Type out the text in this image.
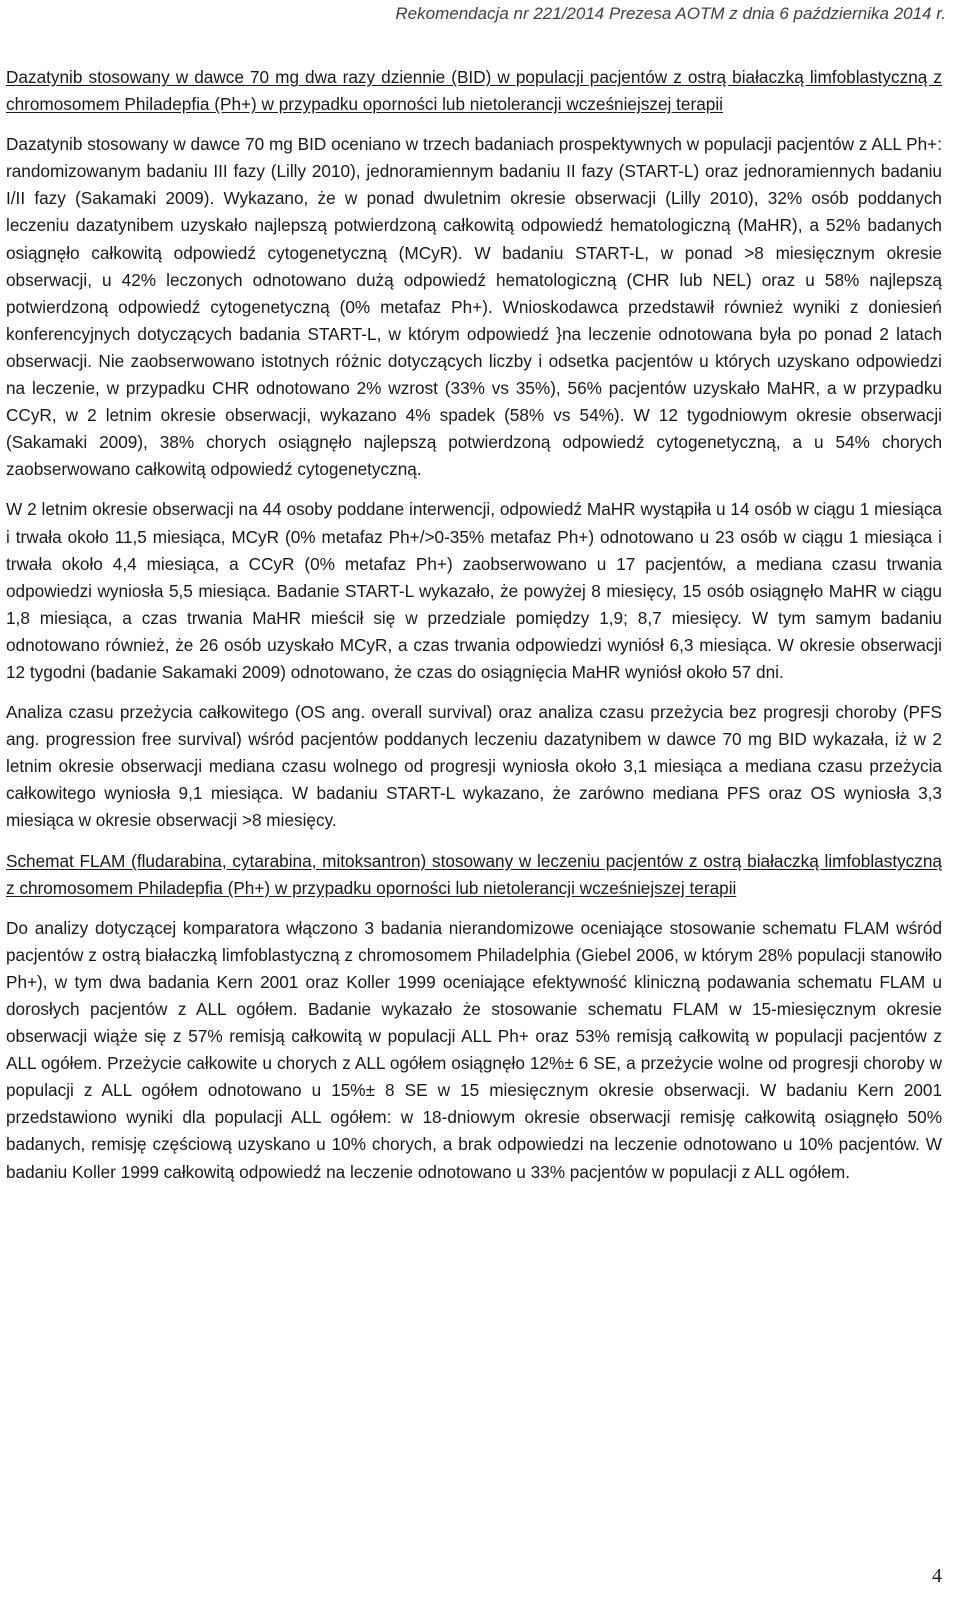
Rekomendacja nr 221/2014 Prezesa AOTM z dnia 6 października 2014 r.

Dazatynib stosowany w dawce 70 mg dwa razy dziennie (BID) w populacji pacjentów z ostrą białaczką limfoblastyczną z chromosomem Philadepfia (Ph+) w przypadku oporności lub nietolerancji wcześniejszej terapii

Dazatynib stosowany w dawce 70 mg BID oceniano w trzech badaniach prospektywnych w populacji pacjentów z ALL Ph+: randomizowanym badaniu III fazy (Lilly 2010), jednoramiennym badaniu II fazy (START-L) oraz jednoramiennych badaniu I/II fazy (Sakamaki 2009). Wykazano, że w ponad dwuletnim okresie obserwacji (Lilly 2010), 32% osób poddanych leczeniu dazatynibem uzyskało najlepszą potwierdzoną całkowitą odpowiedź hematologiczną (MaHR), a 52% badanych osiągnęło całkowitą odpowiedź cytogenetyczną (MCyR). W badaniu START-L, w ponad >8 miesięcznym okresie obserwacji, u 42% leczonych odnotowano dużą odpowiedź hematologiczną (CHR lub NEL) oraz u 58% najlepszą potwierdzoną odpowiedź cytogenetyczną (0% metafaz Ph+). Wnioskodawca przedstawił również wyniki z doniesień konferencyjnych dotyczących badania START-L, w którym odpowiedź }na leczenie odnotowana była po ponad 2 latach obserwacji. Nie zaobserwowano istotnych różnic dotyczących liczby i odsetka pacjentów u których uzyskano odpowiedzi na leczenie, w przypadku CHR odnotowano 2% wzrost (33% vs 35%), 56% pacjentów uzyskało MaHR, a w przypadku CCyR, w 2 letnim okresie obserwacji, wykazano 4% spadek (58% vs 54%). W 12 tygodniowym okresie obserwacji (Sakamaki 2009), 38% chorych osiągnęło najlepszą potwierdzoną odpowiedź cytogenetyczną, a u 54% chorych zaobserwowano całkowitą odpowiedź cytogenetyczną.

W 2 letnim okresie obserwacji na 44 osoby poddane interwencji, odpowiedź MaHR wystąpiła u 14 osób w ciągu 1 miesiąca i trwała około 11,5 miesiąca, MCyR (0% metafaz Ph+/>0-35% metafaz Ph+) odnotowano u 23 osób w ciągu 1 miesiąca i trwała około 4,4 miesiąca, a CCyR (0% metafaz Ph+) zaobserwowano u 17 pacjentów, a mediana czasu trwania odpowiedzi wyniosła 5,5 miesiąca. Badanie START-L wykazało, że powyżej 8 miesięcy, 15 osób osiągnęło MaHR w ciągu 1,8 miesiąca, a czas trwania MaHR mieścił się w przedziale pomiędzy 1,9; 8,7 miesięcy. W tym samym badaniu odnotowano również, że 26 osób uzyskało MCyR, a czas trwania odpowiedzi wyniósł 6,3 miesiąca. W okresie obserwacji 12 tygodni (badanie Sakamaki 2009) odnotowano, że czas do osiągnięcia MaHR wyniósł około 57 dni.

Analiza czasu przeżycia całkowitego (OS ang. overall survival) oraz analiza czasu przeżycia bez progresji choroby (PFS ang. progression free survival) wśród pacjentów poddanych leczeniu dazatynibem w dawce 70 mg BID wykazała, iż w 2 letnim okresie obserwacji mediana czasu wolnego od progresji wyniosła około 3,1 miesiąca a mediana czasu przeżycia całkowitego wyniosła 9,1 miesiąca. W badaniu START-L wykazano, że zarówno mediana PFS oraz OS wyniosła 3,3 miesiąca w okresie obserwacji >8 miesięcy.

Schemat FLAM (fludarabina, cytarabina, mitoksantron) stosowany w leczeniu pacjentów z ostrą białaczką limfoblastyczną z chromosomem Philadepfia (Ph+) w przypadku oporności lub nietolerancji wcześniejszej terapii

Do analizy dotyczącej komparatora włączono 3 badania nierandomizowe oceniające stosowanie schematu FLAM wśród pacjentów z ostrą białaczką limfoblastyczną z chromosomem Philadelphia (Giebel 2006, w którym 28% populacji stanowiło Ph+), w tym dwa badania Kern 2001 oraz Koller 1999 oceniające efektywność kliniczną podawania schematu FLAM u dorosłych pacjentów z ALL ogółem. Badanie wykazało że stosowanie schematu FLAM w 15-miesięcznym okresie obserwacji wiąże się z 57% remisją całkowitą w populacji ALL Ph+ oraz 53% remisją całkowitą w populacji pacjentów z ALL ogółem. Przeżycie całkowite u chorych z ALL ogółem osiągnęło 12%± 6 SE, a przeżycie wolne od progresji choroby w populacji z ALL ogółem odnotowano u 15%± 8 SE w 15 miesięcznym okresie obserwacji. W badaniu Kern 2001 przedstawiono wyniki dla populacji ALL ogółem: w 18-dniowym okresie obserwacji remisję całkowitą osiągnęło 50% badanych, remisję częściową uzyskano u 10% chorych, a brak odpowiedzi na leczenie odnotowano u 10% pacjentów. W badaniu Koller 1999 całkowitą odpowiedź na leczenie odnotowano u 33% pacjentów w populacji z ALL ogółem.

4
